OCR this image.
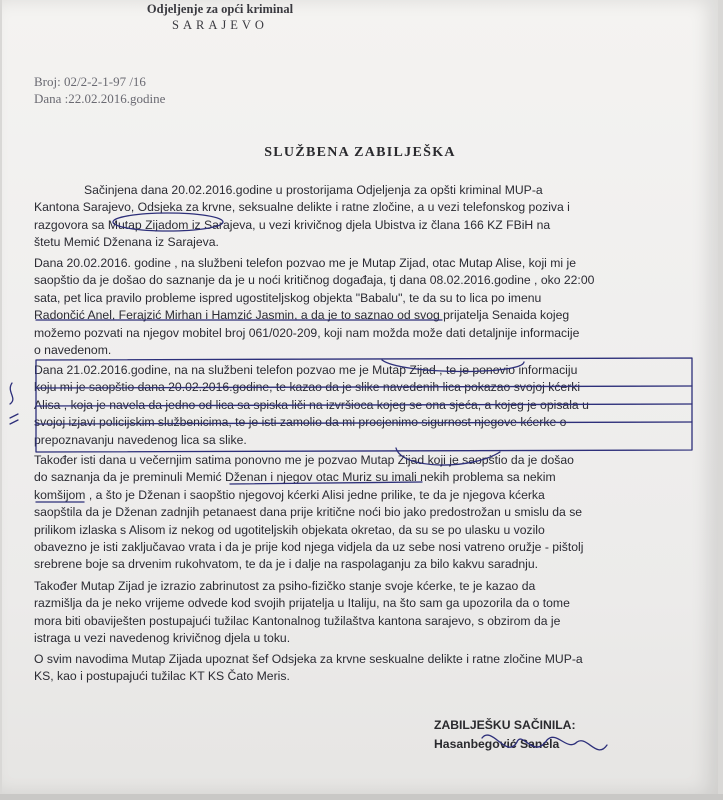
Odjeljenje za opći kriminal
SARAJEVO
Broj: 02/2-2-1-97 /16
Dana :22.02.2016.godine
SLUŽBENA ZABILJEŠKA
Sačinjena dana 20.02.2016.godine u prostorijama Odjeljenja za opšti kriminal MUP-a
Kantona Sarajevo, Odsjeka za krvne, seksualne delikte i ratne zločine, a u vezi telefonskog poziva i
razgovora sa Mutap Zijadom iz Sarajeva, u vezi krivičnog djela Ubistva iz člana 166 KZ FBiH na
štetu Memić Dženana iz Sarajeva.
Dana 20.02.2016. godine , na službeni telefon pozvao me je Mutap Zijad, otac Mutap Alise, koji mi je
saopštio da je došao do saznanje da je u noći kritičnog događaja, tj dana 08.02.2016.godine , oko 22:00
sata, pet lica pravilo probleme ispred ugostiteljskog objekta "Babalu", te da su to lica po imenu
Radončić Anel, Ferajzić Mirhan i Hamzić Jasmin, a da je to saznao od svog prijatelja Senaida kojeg
možemo pozvati na njegov mobitel broj 061/020-209, koji nam možda može dati detaljnije informacije
o navedenom.
Dana 21.02.2016.godine, na na službeni telefon pozvao me je Mutap Zijad , te je ponovio informaciju
koju mi je saopštio dana 20.02.2016.godine, te kazao da je slike navedenih lica pokazao svojoj kćerki
Alisa , koja je navela da jedno od lica sa spiska liči na izvršioca kojeg se ona sjeća, a kojeg je opisala u
svojoj izjavi policijskim službenicima, te je isti zamolio da mi procjenimo sigurnost njegove kćerke o
prepoznavanju navedenog lica sa slike.
Također isti dana u večernjim satima ponovno me je pozvao Mutap Zijad koji je saopštio da je došao
do saznanja da je preminuli Memić Dženan i njegov otac Muriz su imali nekih problema sa nekim
komšijom , a što je Dženan i saopštio njegovoj kćerki Alisi jedne prilike, te da je njegova kćerka
saopštila da je Dženan zadnjih petanaest dana prije kritične noći bio jako predostrožan u smislu da se
prilikom izlaska s Alisom iz nekog od ugotiteljskih objekata okretao, da su se po ulasku u vozilo
obavezno je isti zaključavao vrata i da je prije kod njega vidjela da uz sebe nosi vatreno oružje - pištolj
srebrene boje sa drvenim rukohvatom, te da je i dalje na raspolaganju za bilo kakvu saradnju.
Također Mutap Zijad je izrazio zabrinutost za psiho-fizičko stanje svoje kćerke, te je kazao da
razmišlja da je neko vrijeme odvede kod svojih prijatelja u Italiju, na što sam ga upozorila da o tome
mora biti obaviješten postupajući tužilac Kantonalnog tužilaštva kantona sarajevo, s obzirom da je
istraga u vezi navedenog krivičnog djela u toku.
O svim navodima Mutap Zijada upoznat šef Odsjeka za krvne seskualne delikte i ratne zločine MUP-a
KS, kao i postupajući tužilac KT KS Čato Meris.
ZABILJEŠKU SAČINILA:
Hasanbegović Sanela
